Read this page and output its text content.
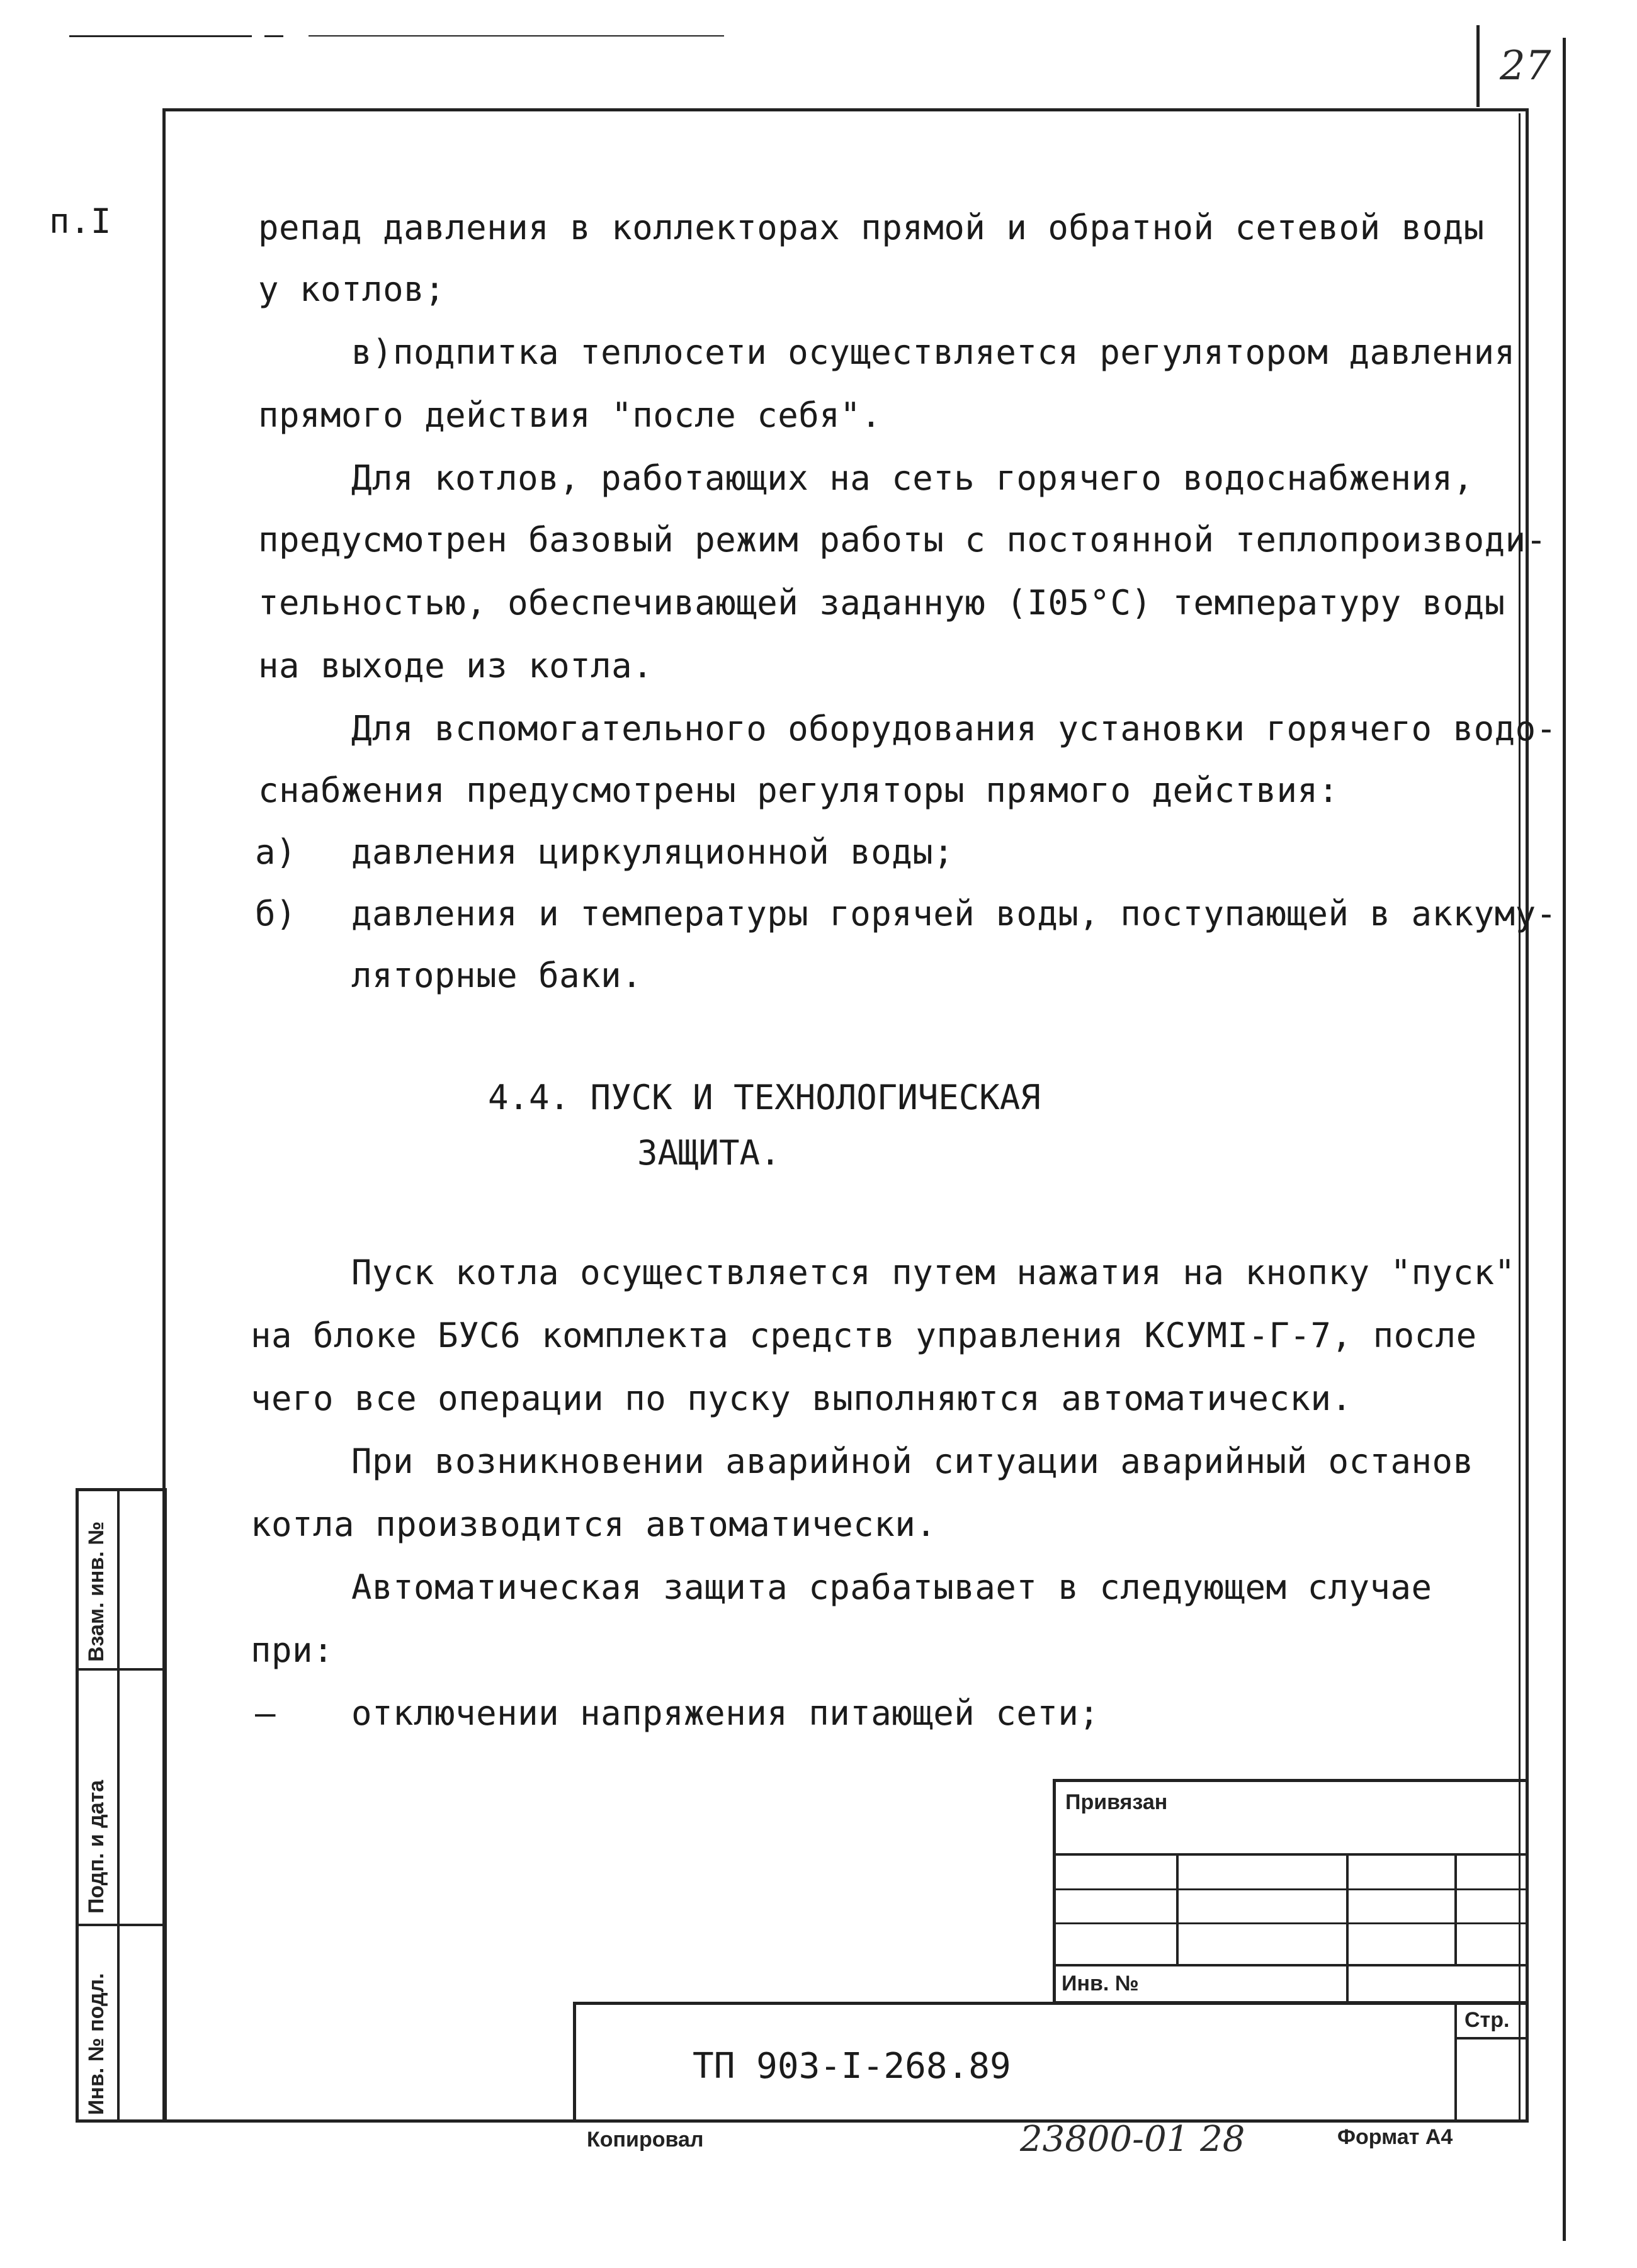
27
п.I	репад давления в коллекторах прямой и обратной сетевой воды
у котлов;
в)подпитка теплосети осуществляется регулятором давления
прямого действия "после себя".
Для котлов, работающих на сеть горячего водоснабжения,
предусмотрен базовый режим работы с постоянной теплопроизводи-
тельностью, обеспечивающей заданную (I05°C) температуру воды
на выходе из котла.
Для вспомогательного оборудования установки горячего водо-
снабжения предусмотрены регуляторы прямого действия:
а) давления циркуляционной воды;
б) давления и температуры горячей воды, поступающей в аккуму-
ляторные баки.
4.4. ПУСК И ТЕХНОЛОГИЧЕСКАЯ
ЗАЩИТА.
Пуск котла осуществляется путем нажатия на кнопку "пуск"
на блоке БУС6 комплекта средств управления КСУМI-Г-7, после
чего все операции по пуску выполняются автоматически.
При возникновении аварийной ситуации аварийный останов
котла производится автоматически.
Автоматическая защита срабатывает в следующем случае
при:
– отключении напряжения питающей сети;
Взам. инв. №
Подп. и дата
Инв. № подл.
Привязан
Инв. №
Стр.
ТП 903-I-268.89
Копировал	23800-01 28	Формат А4
